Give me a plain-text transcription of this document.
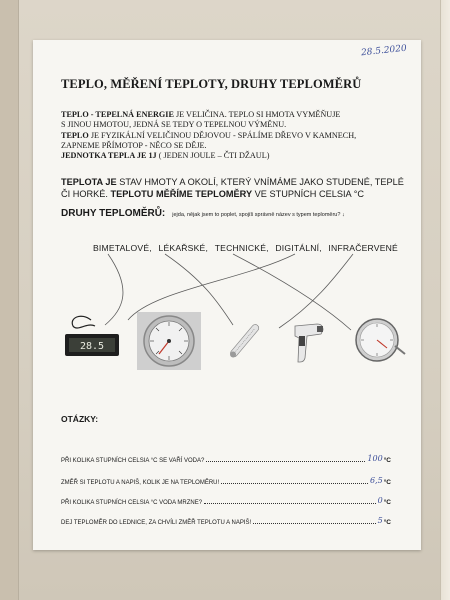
28.5.2020
TEPLO, MĚŘENÍ TEPLOTY, DRUHY TEPLOMĚRŮ

TEPLO - TEPELNÁ ENERGIE JE VELIČINA. TEPLO SI HMOTA VYMĚŇUJE

S JINOU HMOTOU, JEDNÁ SE TEDY O TEPELNOU VÝMĚNU.

TEPLO JE FYZIKÁLNÍ VELIČINOU DĚJOVOU - SPÁLÍME DŘEVO V KAMNECH,

ZAPNEME PŘÍMOTOP - NĚCO SE DĚJE.

JEDNOTKA TEPLA JE 1J ( JEDEN JOULE – ČTI DŽAUL)

TEPLOTA JE STAV HMOTY A OKOLÍ, KTERÝ VNÍMÁME JAKO STUDENÉ, TEPLÉ

ČI HORKÉ. TEPLOTU MĚŘÍME TEPLOMĚRY VE STUPNÍCH CELSIA °C

DRUHY TEPLOMĚRŮ: jejda, nějak jsem to poplet, spojíš správně název s typem teploměru? ↓
BIMETALOVÉ, LÉKAŘSKÉ, TECHNICKÉ, DIGITÁLNÍ, INFRAČERVENÉ
28.5
OTÁZKY:
PŘI KOLIKA STUPNÍCH CELSIA °C SE VAŘÍ VODA?	100 °C
ZMĚŘ SI TEPLOTU A NAPIŠ, KOLIK JE NA TEPLOMĚRU!	6,5 °C
PŘI KOLIKA STUPNÍCH CELSIA °C VODA MRZNE?	0 °C
DEJ TEPLOMĚR DO LEDNICE, ZA CHVÍLI ZMĚŘ TEPLOTU A NAPIŠ!	5 °C
